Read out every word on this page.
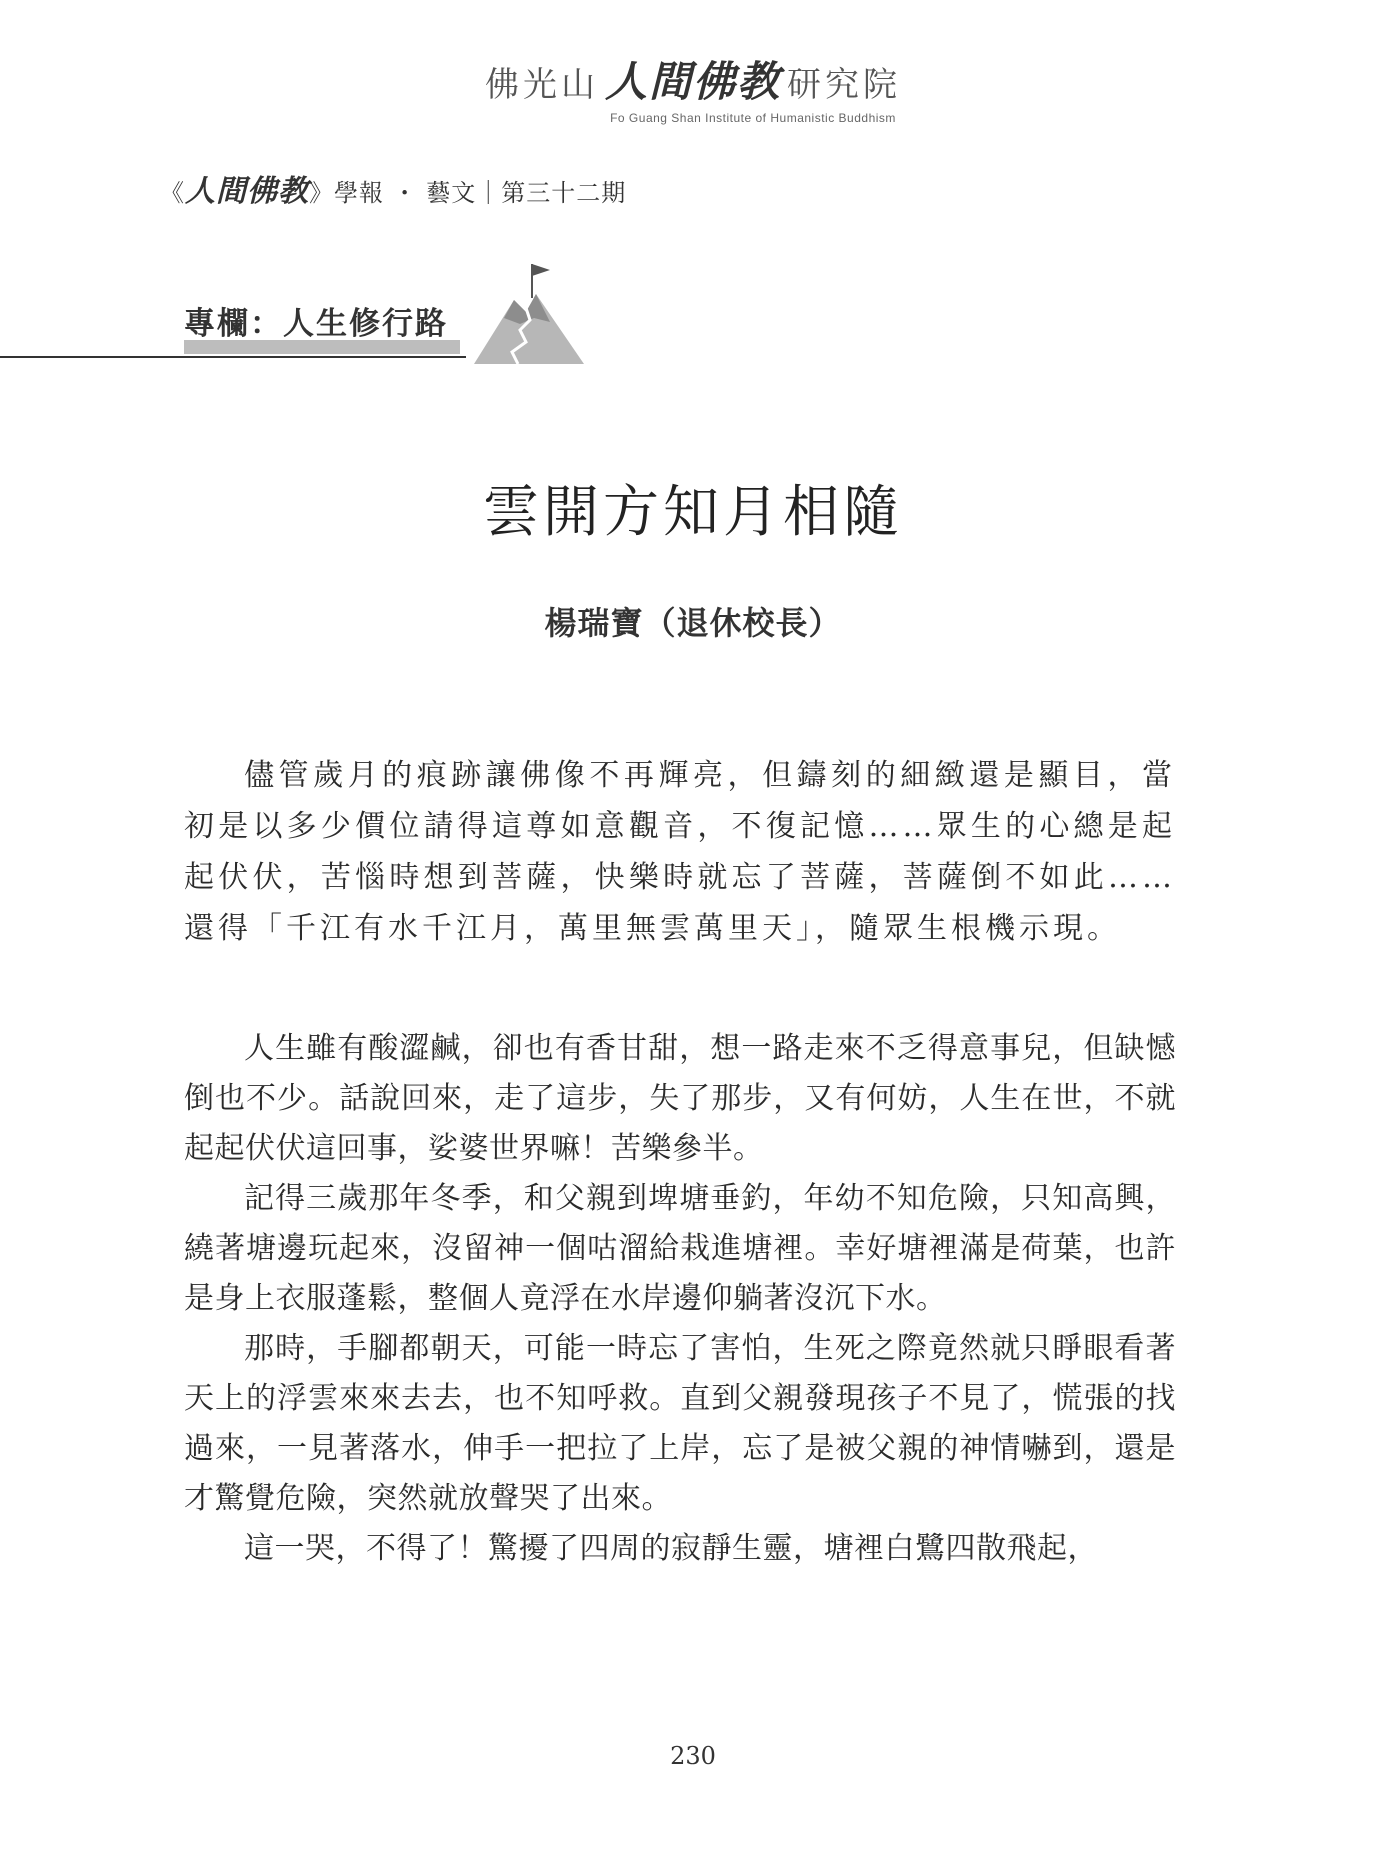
佛光山 人間佛教 研究院
Fo Guang Shan Institute of Humanistic Buddhism
《人間佛教》學報 ・ 藝文｜第三十二期
專欄：人生修行路
雲開方知月相隨
楊瑞寶（退休校長）

儘管歲月的痕跡讓佛像不再輝亮，但鑄刻的細緻還是顯目，當初是以多少價位請得這尊如意觀音，不復記憶……眾生的心總是起起伏伏，苦惱時想到菩薩，快樂時就忘了菩薩，菩薩倒不如此……還得「千江有水千江月，萬里無雲萬里天」，隨眾生根機示現。

人生雖有酸澀鹹，卻也有香甘甜，想一路走來不乏得意事兒，但缺憾倒也不少。話說回來，走了這步，失了那步，又有何妨，人生在世，不就起起伏伏這回事，娑婆世界嘛！苦樂參半。

記得三歲那年冬季，和父親到埤塘垂釣，年幼不知危險，只知高興，繞著塘邊玩起來，沒留神一個咕溜給栽進塘裡。幸好塘裡滿是荷葉，也許是身上衣服蓬鬆，整個人竟浮在水岸邊仰躺著沒沉下水。

那時，手腳都朝天，可能一時忘了害怕，生死之際竟然就只睜眼看著天上的浮雲來來去去，也不知呼救。直到父親發現孩子不見了，慌張的找過來，一見著落水，伸手一把拉了上岸，忘了是被父親的神情嚇到，還是才驚覺危險，突然就放聲哭了出來。

這一哭，不得了！驚擾了四周的寂靜生靈，塘裡白鷺四散飛起，

230
